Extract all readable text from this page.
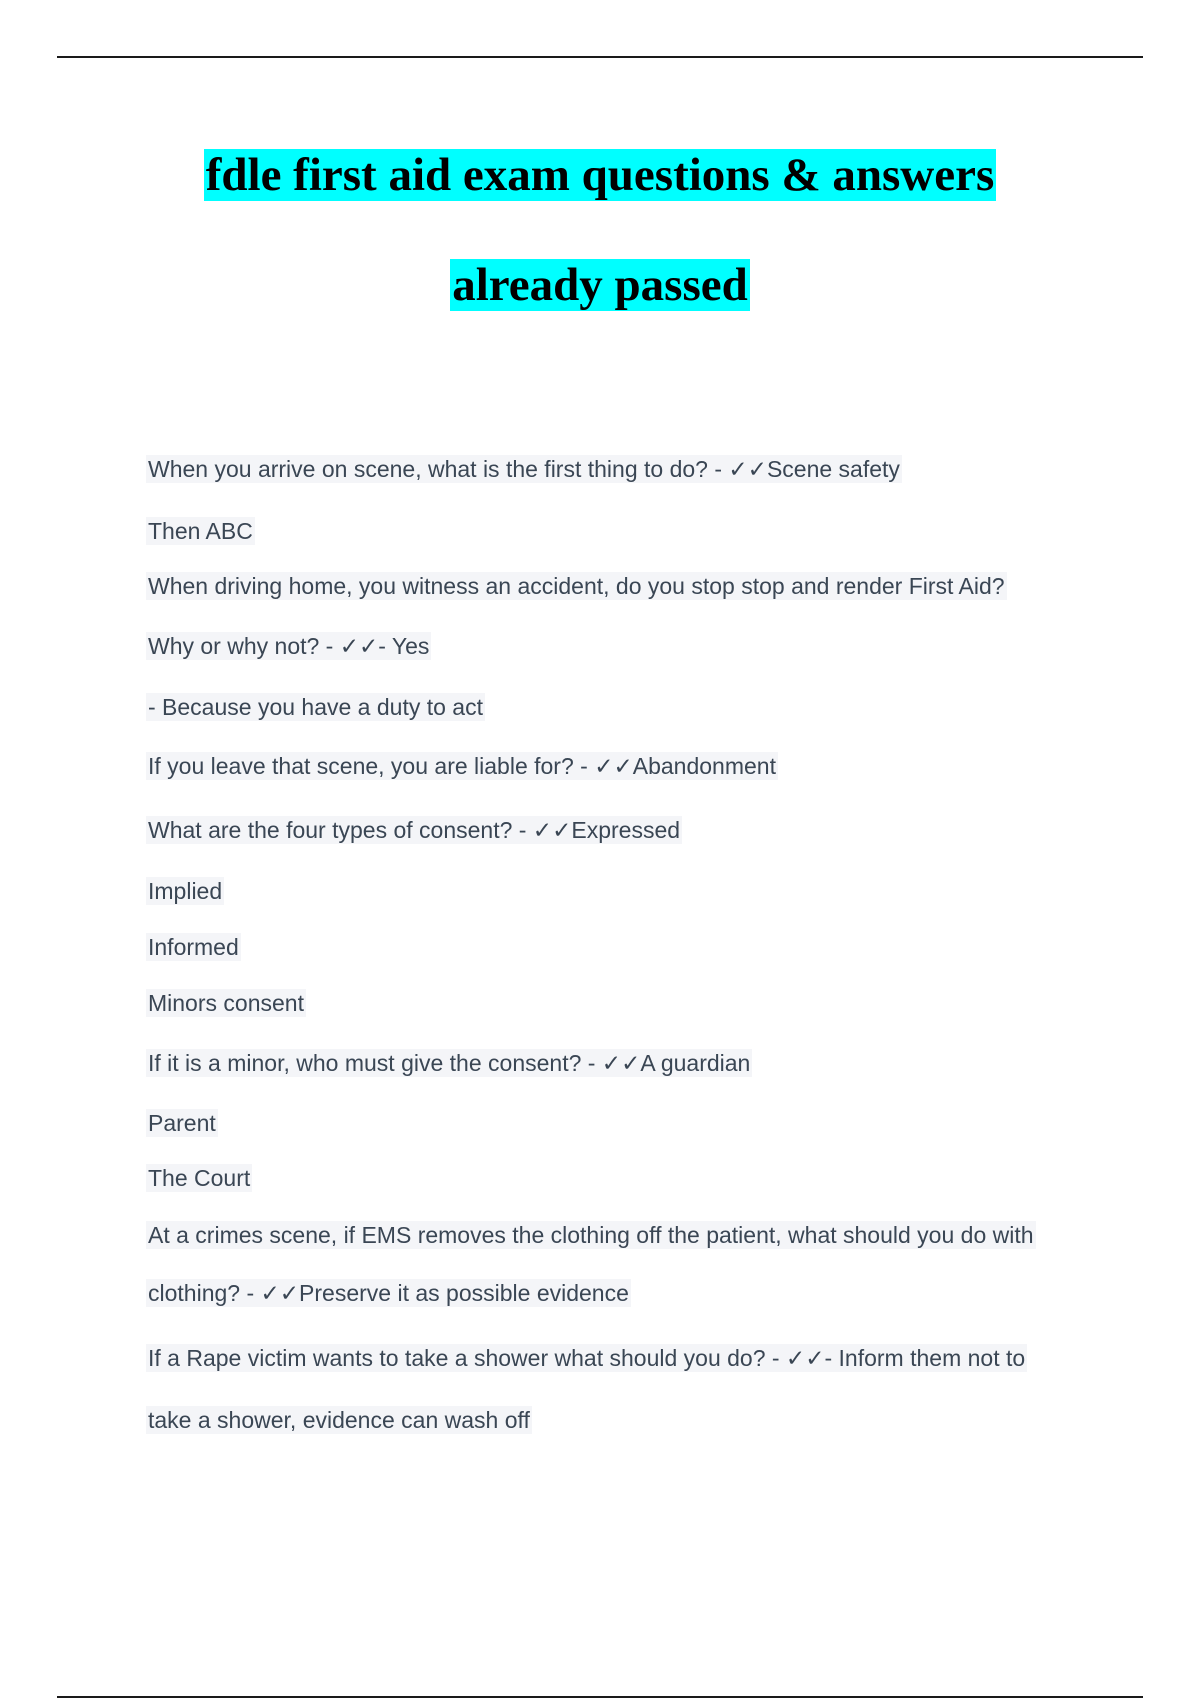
fdle first aid exam questions & answers
already passed
When you arrive on scene, what is the first thing to do? - ✓✓Scene safety
Then ABC
When driving home, you witness an accident, do you stop stop and render First Aid?
Why or why not? - ✓✓- Yes
- Because you have a duty to act
If you leave that scene, you are liable for? - ✓✓Abandonment
What are the four types of consent? - ✓✓Expressed
Implied
Informed
Minors consent
If it is a minor, who must give the consent? - ✓✓A guardian
Parent
The Court
At a crimes scene, if EMS removes the clothing off the patient, what should you do with
clothing? - ✓✓Preserve it as possible evidence
If a Rape victim wants to take a shower what should you do? - ✓✓- Inform them not to
take a shower, evidence can wash off
